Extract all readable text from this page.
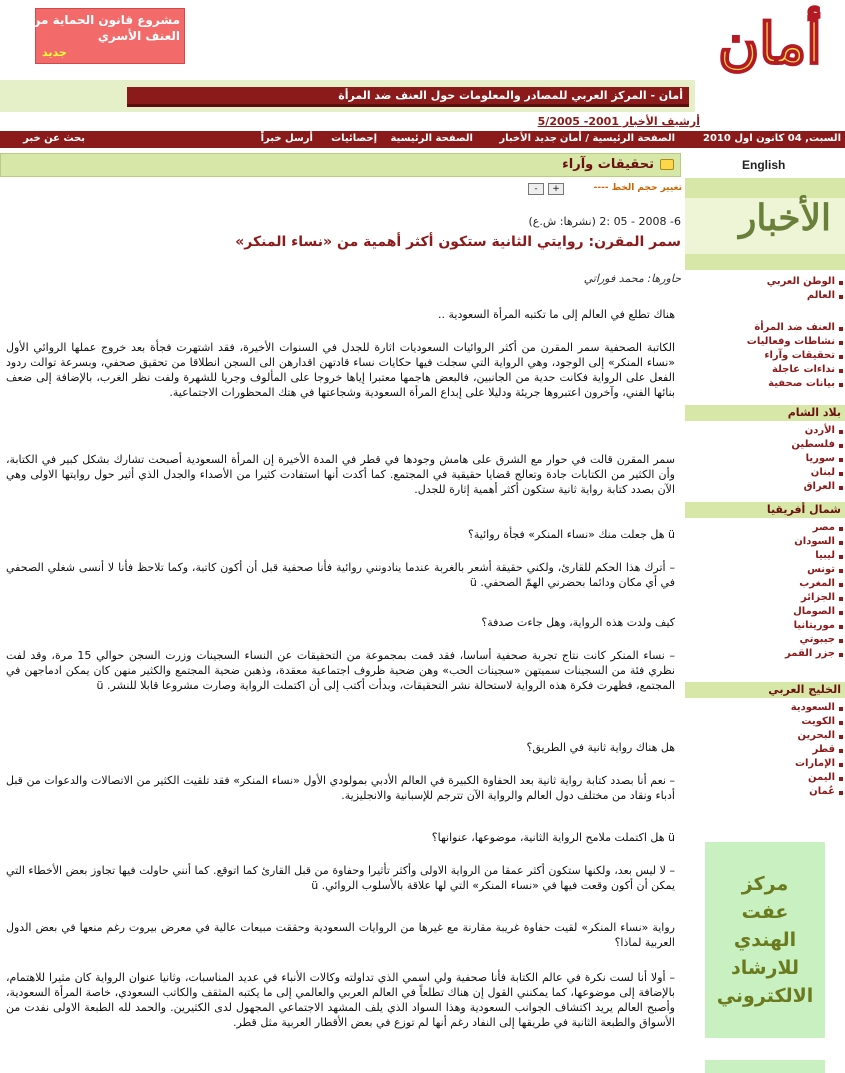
مشروع قانون الحماية من
العنف الأسري
جديد	أمان
أمان - المركز العربي للمصادر والمعلومات حول العنف ضد المرأة
أرشيف الأخبار 2001- 5/2005
السبت, 04 كانون اول 2010
الصفحة الرئيسية / أمان
جديد الأخبار
الصفحة الرئيسية
إحصائيات
أرسل خبراً
بحث عن خبر
تحقيقات وآراء
تغيير حجم الخط ----
+
-
6- 2008 - 05 :2 (نشرها: ش.ع)
سمر المقرن: روايتي الثانية ستكون أكثر أهمية من «نساء المنكر»
حاورها: محمد فوراتي

هناك تطلع في العالم إلى ما تكتبه المرأة السعودية ..

الكاتبة الصحفية سمر المقرن من أكثر الروائيات السعوديات اثارة للجدل في السنوات الأخيرة، فقد اشتهرت فجأة بعد خروج عملها الروائي الأول «نساء المنكر» إلى الوجود، وهي الرواية التي سجلت فيها حكايات نساء قادتهن اقدارهن الى السجن انطلاقا من تحقيق صحفي، وبسرعة توالت ردود الفعل على الرواية فكانت حدية من الجانبين، فالبعض هاجمها معتبرا إياها خروجا على المألوف وجريا للشهرة ولفت نظر الغرب، بالإضافة إلى ضعف بنائها الفني، وآخرون اعتبروها جريئة ودليلا على إبداع المرأة السعودية وشجاعتها في هتك المحظورات الاجتماعية.

سمر المقرن قالت في حوار مع الشرق على هامش وجودها في قطر في المدة الأخيرة إن المرأة السعودية أصبحت تشارك بشكل كبير في الكتابة، وأن الكثير من الكتابات جادة وتعالج قضايا حقيقية في المجتمع. كما أكدت أنها استفادت كثيرا من الأصداء والجدل الذي أثير حول روايتها الاولى وهي الآن بصدد كتابة رواية ثانية ستكون أكثر أهمية إثارة للجدل.

ü هل جعلت منك «نساء المنكر» فجأة روائية؟

– أترك هذا الحكم للقارئ، ولكني حقيقة أشعر بالغربة عندما ينادونني روائية فأنا صحفية قبل أن أكون كاتبة، وكما تلاحظ فأنا لا أنسى شغلي الصحفي في أي مكان ودائما بحضرني الهمّ الصحفي. ü

كيف ولدت هذه الرواية، وهل جاءت صدفة؟

– نساء المنكر كانت نتاج تجربة صحفية أساسا، فقد قمت بمجموعة من التحقيقات عن النساء السجينات وزرت السجن حوالي 15 مرة، وقد لفت نظري فئة من السجينات سميتهن «سجينات الحب» وهن ضحية ظروف اجتماعية معقدة، وذهبن ضحية المجتمع والكثير منهن كان يمكن ادماجهن في المجتمع، فظهرت فكرة هذه الرواية لاستحالة نشر التحقيقات، وبدأت أكتب إلى أن اكتملت الرواية وصارت مشروعا قابلا للنشر. ü

هل هناك رواية ثانية في الطريق؟

– نعم أنا بصدد كتابة رواية ثانية بعد الحفاوة الكبيرة في العالم الأدبي بمولودي الأول «نساء المنكر» فقد تلقيت الكثير من الاتصالات والدعوات من قبل أدباء ونقاد من مختلف دول العالم والرواية الآن تترجم للإسبانية والانجليزية.

ü هل اكتملت ملامح الرواية الثانية، موضوعها، عنوانها؟

– لا ليس بعد، ولكنها ستكون أكثر عمقا من الرواية الاولى وأكثر تأثيرا وحفاوة من قبل القارئ كما اتوقع. كما أنني حاولت فيها تجاوز بعض الأخطاء التي يمكن أن أكون وقعت فيها في «نساء المنكر» التي لها علاقة بالأسلوب الروائي. ü

رواية «نساء المنكر» لقيت حفاوة غريبة مقارنة مع غيرها من الروايات السعودية وحققت مبيعات عالية في معرض بيروت رغم منعها في بعض الدول العربية لماذا؟

– أولا أنا لست نكرة في عالم الكتابة فأنا صحفية ولي اسمي الذي تداولته وكالات الأنباء في عديد المناسبات، وثانيا عنوان الرواية كان مثيرا للاهتمام، بالإضافة إلى موضوعها، كما يمكنني القول إن هناك تطلعاً في العالم العربي والعالمي إلى ما يكتبه المثقف والكاتب السعودي، خاصة المرأة السعودية، وأصبح العالم يريد اكتشاف الجوانب السعودية وهذا السواد الذي يلف المشهد الاجتماعي المجهول لدى الكثيرين. والحمد لله الطبعة الاولى نفدت من الأسواق والطبعة الثانية في طريقها إلى النفاد رغم أنها لم توزع في بعض الأقطار العربية مثل قطر.

English
الأخبار
الوطن العربي
العالم
العنف ضد المرأة
نشاطات وفعاليات
تحقيقات وآراء
نداءات عاجلة
بيانات صحفية
بلاد الشام
الأردن
فلسطين
سوريا
لبنان
العراق
شمال أفريقيا
مصر
السودان
ليبيا
تونس
المغرب
الجزائر
الصومال
موريتانيا
جيبوتي
جزر القمر
الخليج العربي
السعودية
الكويت
البحرين
قطر
الإمارات
اليمن
عُمان
مركز
عفت
الهندي
للارشاد
الالكتروني
